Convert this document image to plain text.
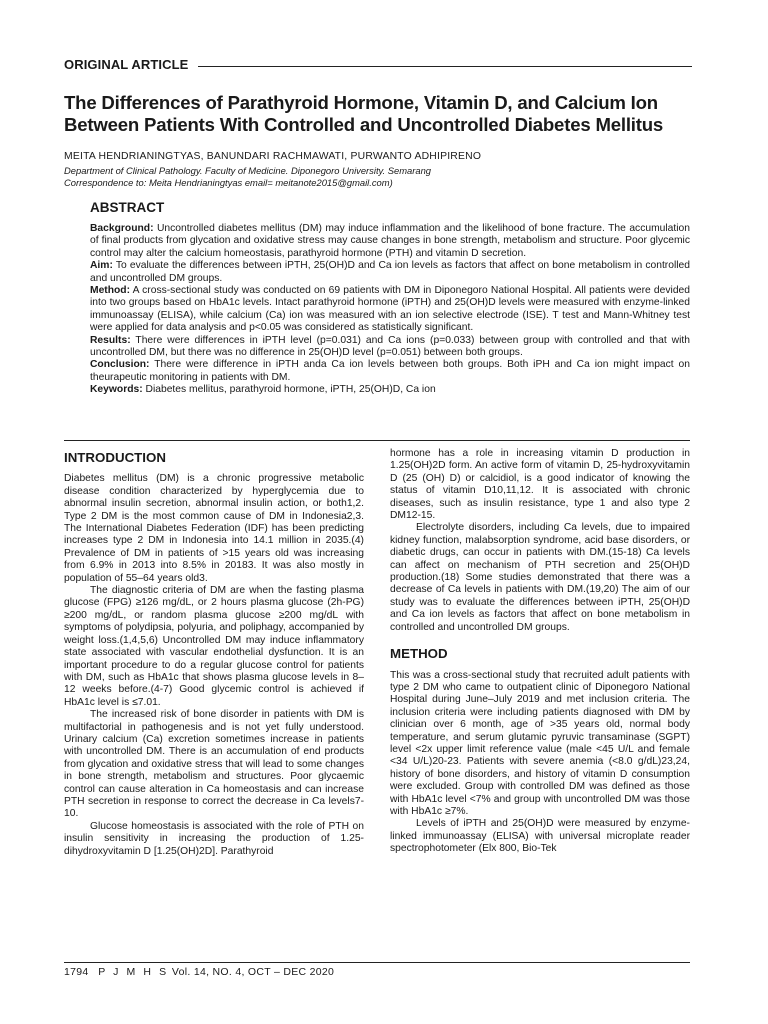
ORIGINAL ARTICLE
The Differences of Parathyroid Hormone, Vitamin D, and Calcium Ion Between Patients With Controlled and Uncontrolled Diabetes Mellitus
MEITA HENDRIANINGTYAS, BANUNDARI RACHMAWATI, PURWANTO ADHIPIRENO
Department of Clinical Pathology. Faculty of Medicine. Diponegoro University. Semarang
Correspondence to: Meita Hendrianingtyas email= meitanote2015@gmail.com)
ABSTRACT

Background: Uncontrolled diabetes mellitus (DM) may induce inflammation and the likelihood of bone fracture. The accumulation of final products from glycation and oxidative stress may cause changes in bone strength, metabolism and structure. Poor glycemic control may alter the calcium homeostasis, parathyroid hormone (PTH) and vitamin D secretion.

Aim: To evaluate the differences between iPTH, 25(OH)D and Ca ion levels as factors that affect on bone metabolism in controlled and uncontrolled DM groups.

Method: A cross-sectional study was conducted on 69 patients with DM in Diponegoro National Hospital. All patients were devided into two groups based on HbA1c levels. Intact parathyroid hormone (iPTH) and 25(OH)D levels were measured with enzyme-linked immunoassay (ELISA), while calcium (Ca) ion was measured with an ion selective electrode (ISE). T test and Mann-Whitney test were applied for data analysis and p<0.05 was considered as statistically significant.

Results: There were differences in iPTH level (p=0.031) and Ca ions (p=0.033) between group with controlled and that with uncontrolled DM, but there was no difference in 25(OH)D level (p=0.051) between both groups.

Conclusion: There were difference in iPTH anda Ca ion levels between both groups. Both iPH and Ca ion might impact on theurapeutic monitoring in patients with DM.

Keywords: Diabetes mellitus, parathyroid hormone, iPTH, 25(OH)D, Ca ion

INTRODUCTION

Diabetes mellitus (DM) is a chronic progressive metabolic disease condition characterized by hyperglycemia due to abnormal insulin secretion, abnormal insulin action, or both1,2. Type 2 DM is the most common cause of DM in Indonesia2,3. The International Diabetes Federation (IDF) has been predicting increases type 2 DM in Indonesia into 14.1 million in 2035.(4) Prevalence of DM in patients of >15 years old was increasing from 6.9% in 2013 into 8.5% in 20183. It was also mostly in population of 55–64 years old3.

The diagnostic criteria of DM are when the fasting plasma glucose (FPG) ≥126 mg/dL, or 2 hours plasma glucose (2h-PG) ≥200 mg/dL, or random plasma glucose ≥200 mg/dL with symptoms of polydipsia, polyuria, and poliphagy, accompanied by weight loss.(1,4,5,6) Uncontrolled DM may induce inflammatory state associated with vascular endothelial dysfunction. It is an important procedure to do a regular glucose control for patients with DM, such as HbA1c that shows plasma glucose levels in 8–12 weeks before.(4-7) Good glycemic control is achieved if HbA1c level is ≤7.01.

The increased risk of bone disorder in patients with DM is multifactorial in pathogenesis and is not yet fully understood. Urinary calcium (Ca) excretion sometimes increase in patients with uncontrolled DM. There is an accumulation of end products from glycation and oxidative stress that will lead to some changes in bone strength, metabolism and structures. Poor glycaemic control can cause alteration in Ca homeostasis and can increase PTH secretion in response to correct the decrease in Ca levels7-10.

Glucose homeostasis is associated with the role of PTH on insulin sensitivity in increasing the production of 1.25-dihydroxyvitamin D [1.25(OH)2D]. Parathyroid

hormone has a role in increasing vitamin D production in 1.25(OH)2D form. An active form of vitamin D, 25-hydroxyvitamin D (25 (OH) D) or calcidiol, is a good indicator of knowing the status of vitamin D10,11,12. It is associated with chronic diseases, such as insulin resistance, type 1 and also type 2 DM12-15.

Electrolyte disorders, including Ca levels, due to impaired kidney function, malabsorption syndrome, acid base disorders, or diabetic drugs, can occur in patients with DM.(15-18) Ca levels can affect on mechanism of PTH secretion and 25(OH)D production.(18) Some studies demonstrated that there was a decrease of Ca levels in patients with DM.(19,20) The aim of our study was to evaluate the differences between iPTH, 25(OH)D and Ca ion levels as factors that affect on bone metabolism in controlled and uncontrolled DM groups.

METHOD

This was a cross-sectional study that recruited adult patients with type 2 DM who came to outpatient clinic of Diponegoro National Hospital during June–July 2019 and met inclusion criteria. The inclusion criteria were including patients diagnosed with DM by clinician over 6 month, age of >35 years old, normal body temperature, and serum glutamic pyruvic transaminase (SGPT) level <2x upper limit reference value (male <45 U/L and female <34 U/L)20-23. Patients with severe anemia (<8.0 g/dL)23,24, history of bone disorders, and history of vitamin D consumption were excluded. Group with controlled DM was defined as those with HbA1c level <7% and group with uncontrolled DM was those with HbA1c ≥7%.

Levels of iPTH and 25(OH)D were measured by enzyme-linked immunoassay (ELISA) with universal microplate reader spectrophotometer (Elx 800, Bio-Tek

1794 P J M H S Vol. 14, NO. 4, OCT – DEC 2020
